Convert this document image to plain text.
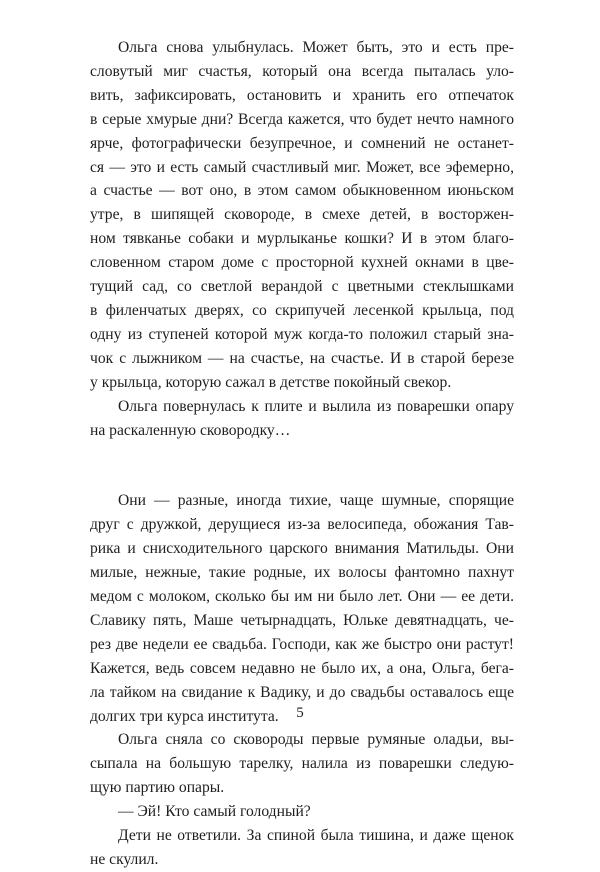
Ольга снова улыбнулась. Может быть, это и есть пре-
словутый миг счастья, который она всегда пыталась уло-
вить, зафиксировать, остановить и хранить его отпечаток
в серые хмурые дни? Всегда кажется, что будет нечто намного
ярче, фотографически безупречное, и сомнений не останет-
ся — это и есть самый счастливый миг. Может, все эфемерно,
а счастье — вот оно, в этом самом обыкновенном июньском
утре, в шипящей сковороде, в смехе детей, в восторжен-
ном тявканье собаки и мурлыканье кошки? И в этом благо-
словенном старом доме с просторной кухней окнами в цве-
тущий сад, со светлой верандой с цветными стеклышками
в филенчатых дверях, со скрипучей лесенкой крыльца, под
одну из ступеней которой муж когда-то положил старый зна-
чок с лыжником — на счастье, на счастье. И в старой березе
у крыльца, которую сажал в детстве покойный свекор.
Ольга повернулась к плите и вылила из поварешки опару
на раскаленную сковородку…
Они — разные, иногда тихие, чаще шумные, спорящие
друг с дружкой, дерущиеся из-за велосипеда, обожания Тав-
рика и снисходительного царского внимания Матильды. Они
милые, нежные, такие родные, их волосы фантомно пахнут
медом с молоком, сколько бы им ни было лет. Они — ее дети.
Славику пять, Маше четырнадцать, Юльке девятнадцать, че-
рез две недели ее свадьба. Господи, как же быстро они растут!
Кажется, ведь совсем недавно не было их, а она, Ольга, бега-
ла тайком на свидание к Вадику, и до свадьбы оставалось еще
долгих три курса института.
Ольга сняла со сковороды первые румяные оладьи, вы-
сыпала на большую тарелку, налила из поварешки следую-
щую партию опары.
— Эй! Кто самый голодный?
Дети не ответили. За спиной была тишина, и даже щенок
не скулил.
5
